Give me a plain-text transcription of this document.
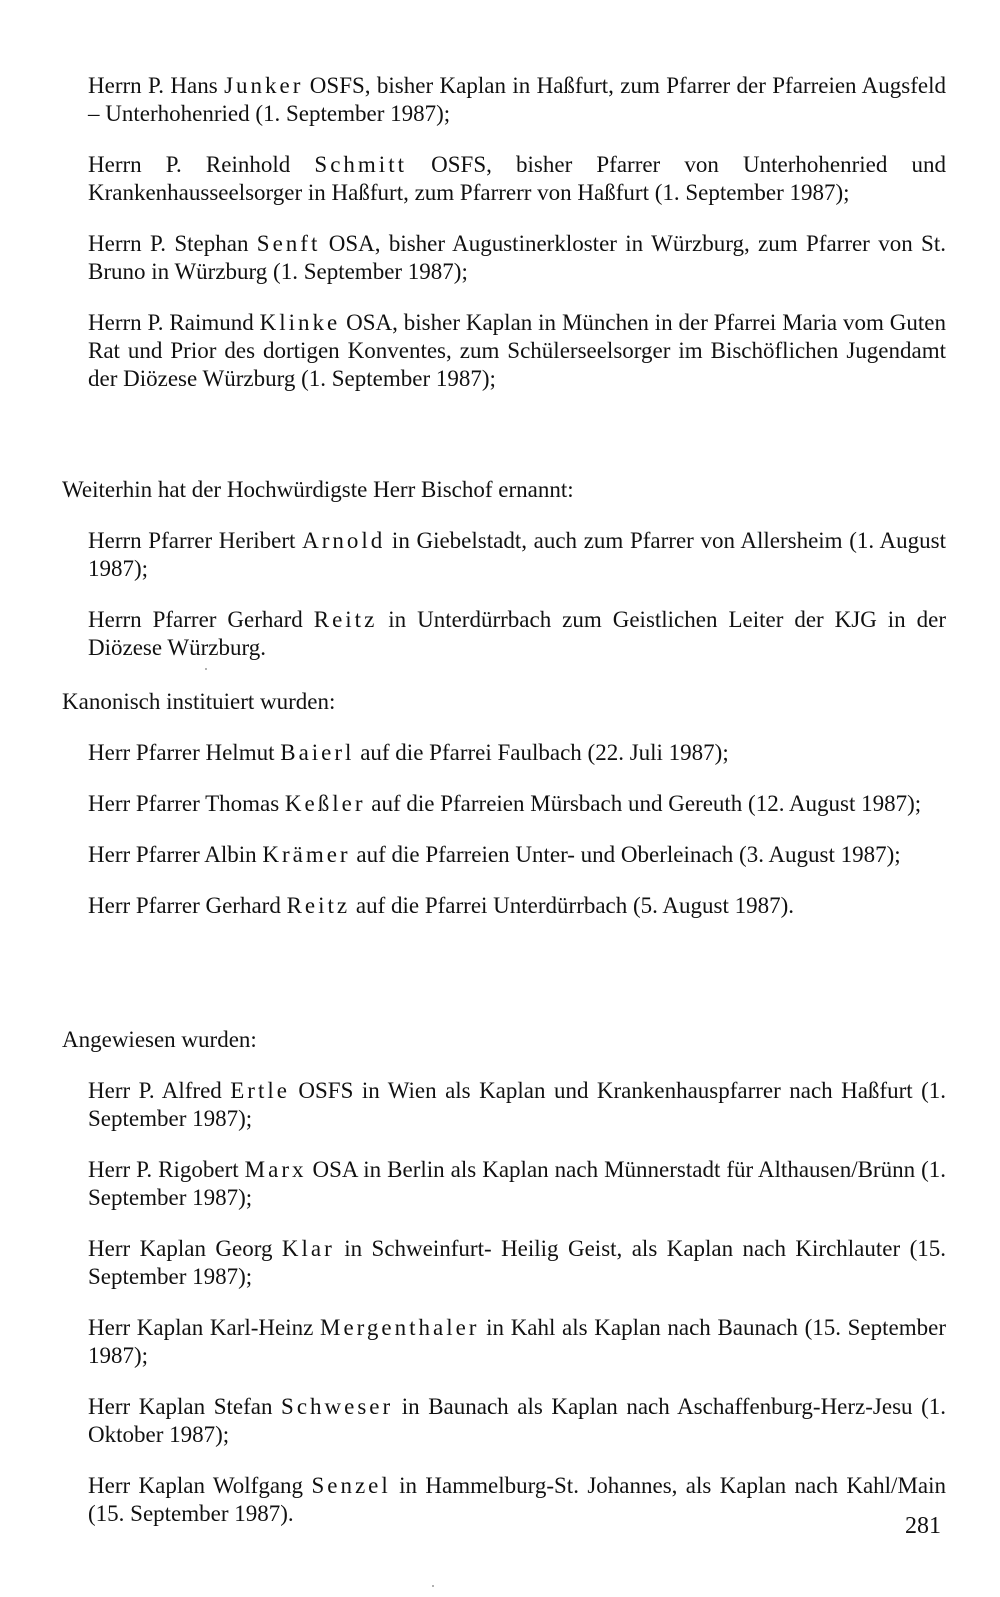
Herrn P. Hans Junker OSFS, bisher Kaplan in Haßfurt, zum Pfarrer der Pfarreien Augsfeld – Unterhohenried (1. September 1987);

Herrn P. Reinhold Schmitt OSFS, bisher Pfarrer von Unterhohenried und Krankenhausseelsorger in Haßfurt, zum Pfarrerr von Haßfurt (1. September 1987);

Herrn P. Stephan Senft OSA, bisher Augustinerkloster in Würzburg, zum Pfarrer von St. Bruno in Würzburg (1. September 1987);

Herrn P. Raimund Klinke OSA, bisher Kaplan in München in der Pfarrei Maria vom Guten Rat und Prior des dortigen Konventes, zum Schülerseelsorger im Bischöflichen Jugendamt der Diözese Würzburg (1. September 1987);

Weiterhin hat der Hochwürdigste Herr Bischof ernannt:

Herrn Pfarrer Heribert Arnold in Giebelstadt, auch zum Pfarrer von Allersheim (1. August 1987);

Herrn Pfarrer Gerhard Reitz in Unterdürrbach zum Geistlichen Leiter der KJG in der Diözese Würzburg.

Kanonisch instituiert wurden:

Herr Pfarrer Helmut Baierl auf die Pfarrei Faulbach (22. Juli 1987);

Herr Pfarrer Thomas Keßler auf die Pfarreien Mürsbach und Gereuth (12. August 1987);

Herr Pfarrer Albin Krämer auf die Pfarreien Unter- und Oberleinach (3. August 1987);

Herr Pfarrer Gerhard Reitz auf die Pfarrei Unterdürrbach (5. August 1987).

Angewiesen wurden:

Herr P. Alfred Ertle OSFS in Wien als Kaplan und Krankenhauspfarrer nach Haßfurt (1. September 1987);

Herr P. Rigobert Marx OSA in Berlin als Kaplan nach Münnerstadt für Althausen/Brünn (1. September 1987);

Herr Kaplan Georg Klar in Schweinfurt- Heilig Geist, als Kaplan nach Kirchlauter (15. September 1987);

Herr Kaplan Karl-Heinz Mergenthaler in Kahl als Kaplan nach Baunach (15. September 1987);

Herr Kaplan Stefan Schweser in Baunach als Kaplan nach Aschaffenburg-Herz-Jesu (1. Oktober 1987);

Herr Kaplan Wolfgang Senzel in Hammelburg-St. Johannes, als Kaplan nach Kahl/Main (15. September 1987).	281
